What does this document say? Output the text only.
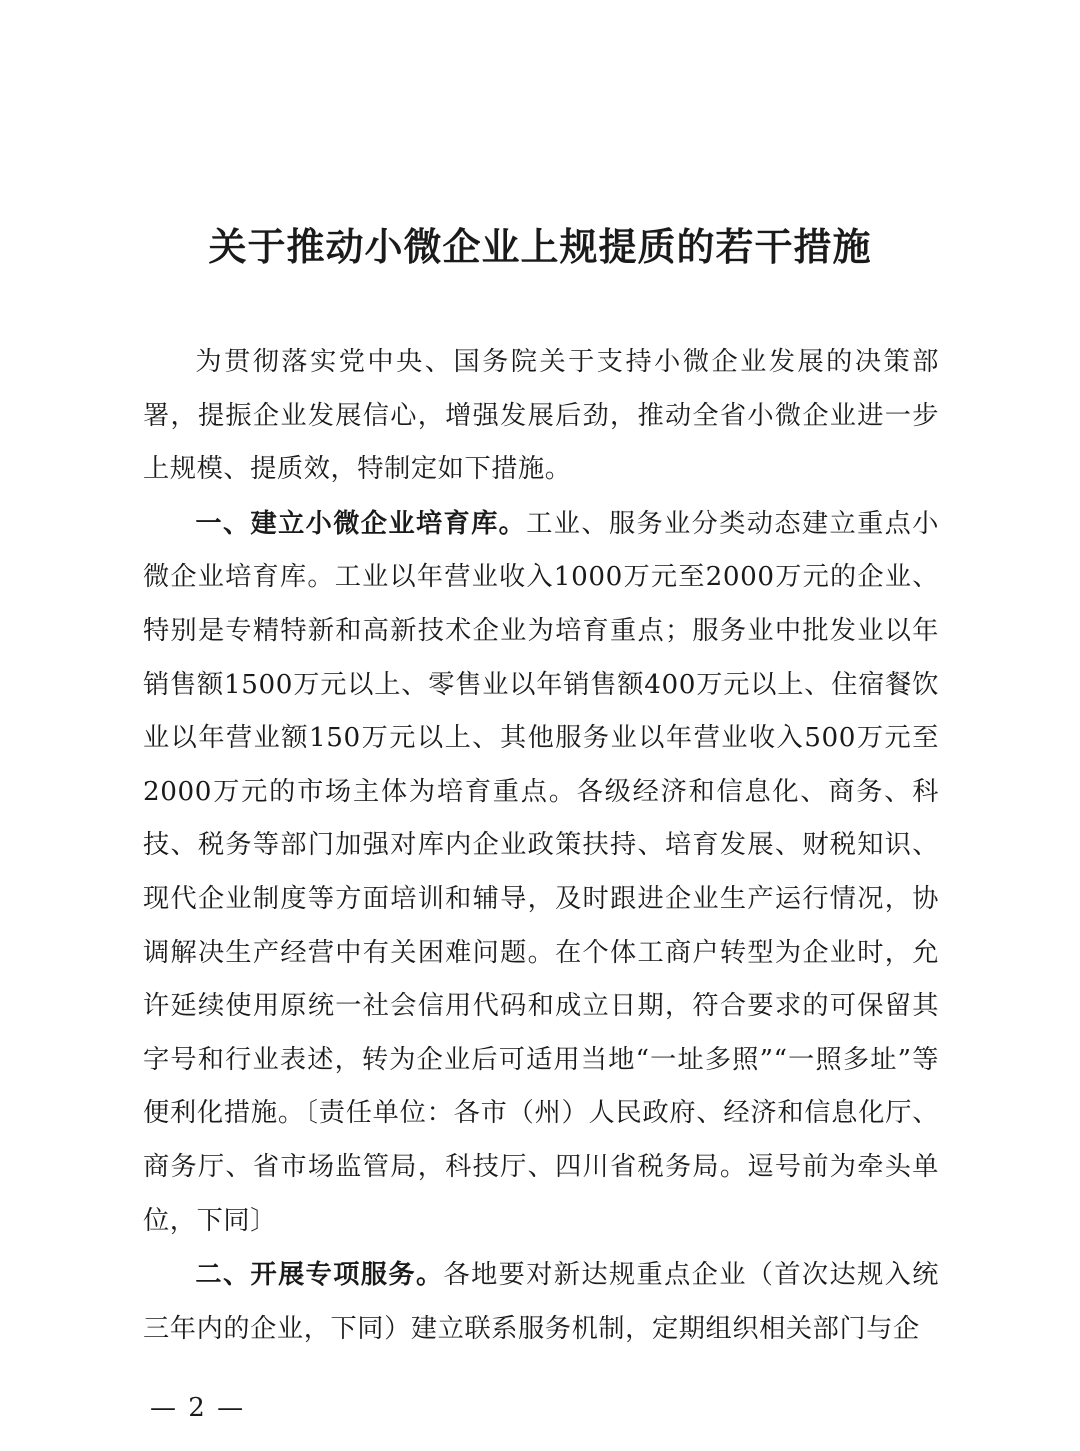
关于推动小微企业上规提质的若干措施

为贯彻落实党中央、国务院关于支持小微企业发展的决策部署，提振企业发展信心，增强发展后劲，推动全省小微企业进一步上规模、提质效，特制定如下措施。

一、建立小微企业培育库。工业、服务业分类动态建立重点小微企业培育库。工业以年营业收入1000万元至2000万元的企业、特别是专精特新和高新技术企业为培育重点；服务业中批发业以年销售额1500万元以上、零售业以年销售额400万元以上、住宿餐饮业以年营业额150万元以上、其他服务业以年营业收入500万元至2000万元的市场主体为培育重点。各级经济和信息化、商务、科技、税务等部门加强对库内企业政策扶持、培育发展、财税知识、现代企业制度等方面培训和辅导，及时跟进企业生产运行情况，协调解决生产经营中有关困难问题。在个体工商户转型为企业时，允许延续使用原统一社会信用代码和成立日期，符合要求的可保留其字号和行业表述，转为企业后可适用当地“一址多照”“一照多址”等便利化措施。〔责任单位：各市（州）人民政府、经济和信息化厅、商务厅、省市场监管局，科技厅、四川省税务局。逗号前为牵头单位，下同〕

二、开展专项服务。各地要对新达规重点企业（首次达规入统三年内的企业，下同）建立联系服务机制，定期组织相关部门与企

— 2 —
